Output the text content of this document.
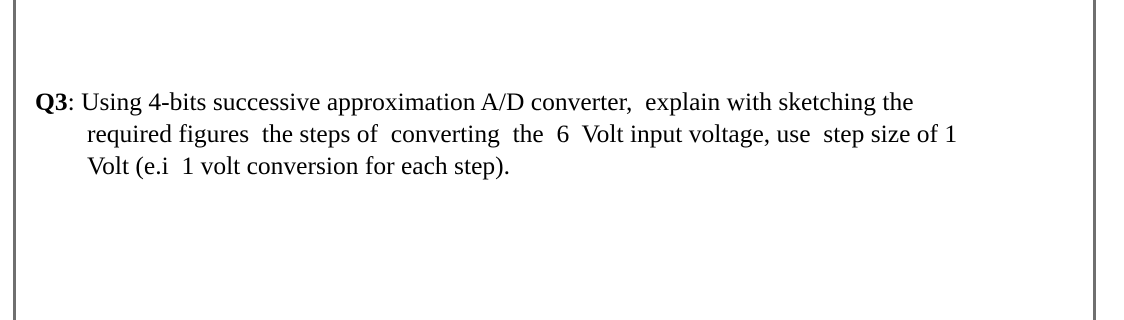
Q3: Using 4-bits successive approximation A/D converter,  explain with sketching the
required figures  the steps of  converting  the  6  Volt input voltage, use  step size of 1
Volt (e.i  1 volt conversion for each step).
